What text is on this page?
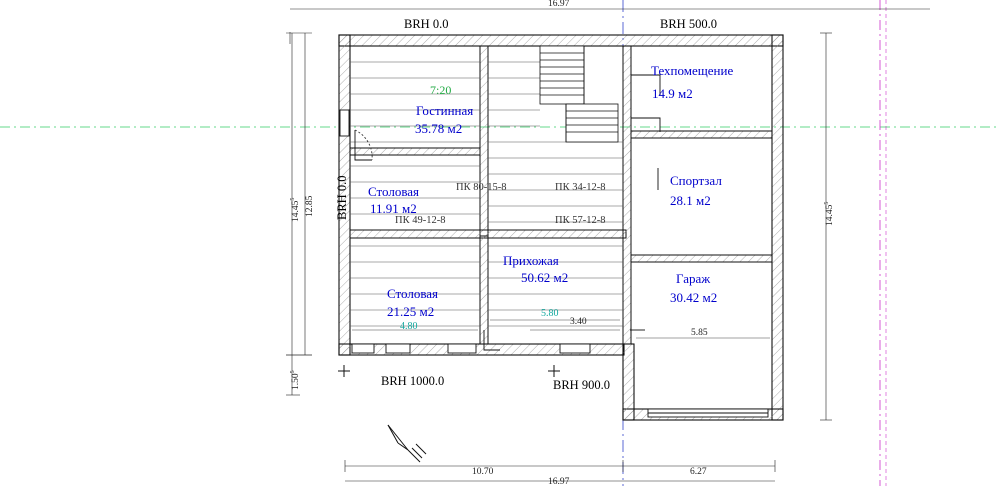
16.97
BRH 0.0	BRH 500.0
BRH 0.0
BRH 1000.0	BRH 900.0
7:20
Гостинная
35.78 м2
Столовая
11.91 м2
Столовая
21.25 м2
Прихожая
50.62 м2
Техпомещение
14.9 м2
Спортзал
28.1 м2
Гараж
30.42 м2
ПК 80-15-8	ПК 34-12-8
ПК 57-12-8
ПК 49-12-8
4.80
5.80
3.40
5.85
14.45$^5$ 12.85	14.45$^5$
1.50$^5$
10.70	6.27
16.97
